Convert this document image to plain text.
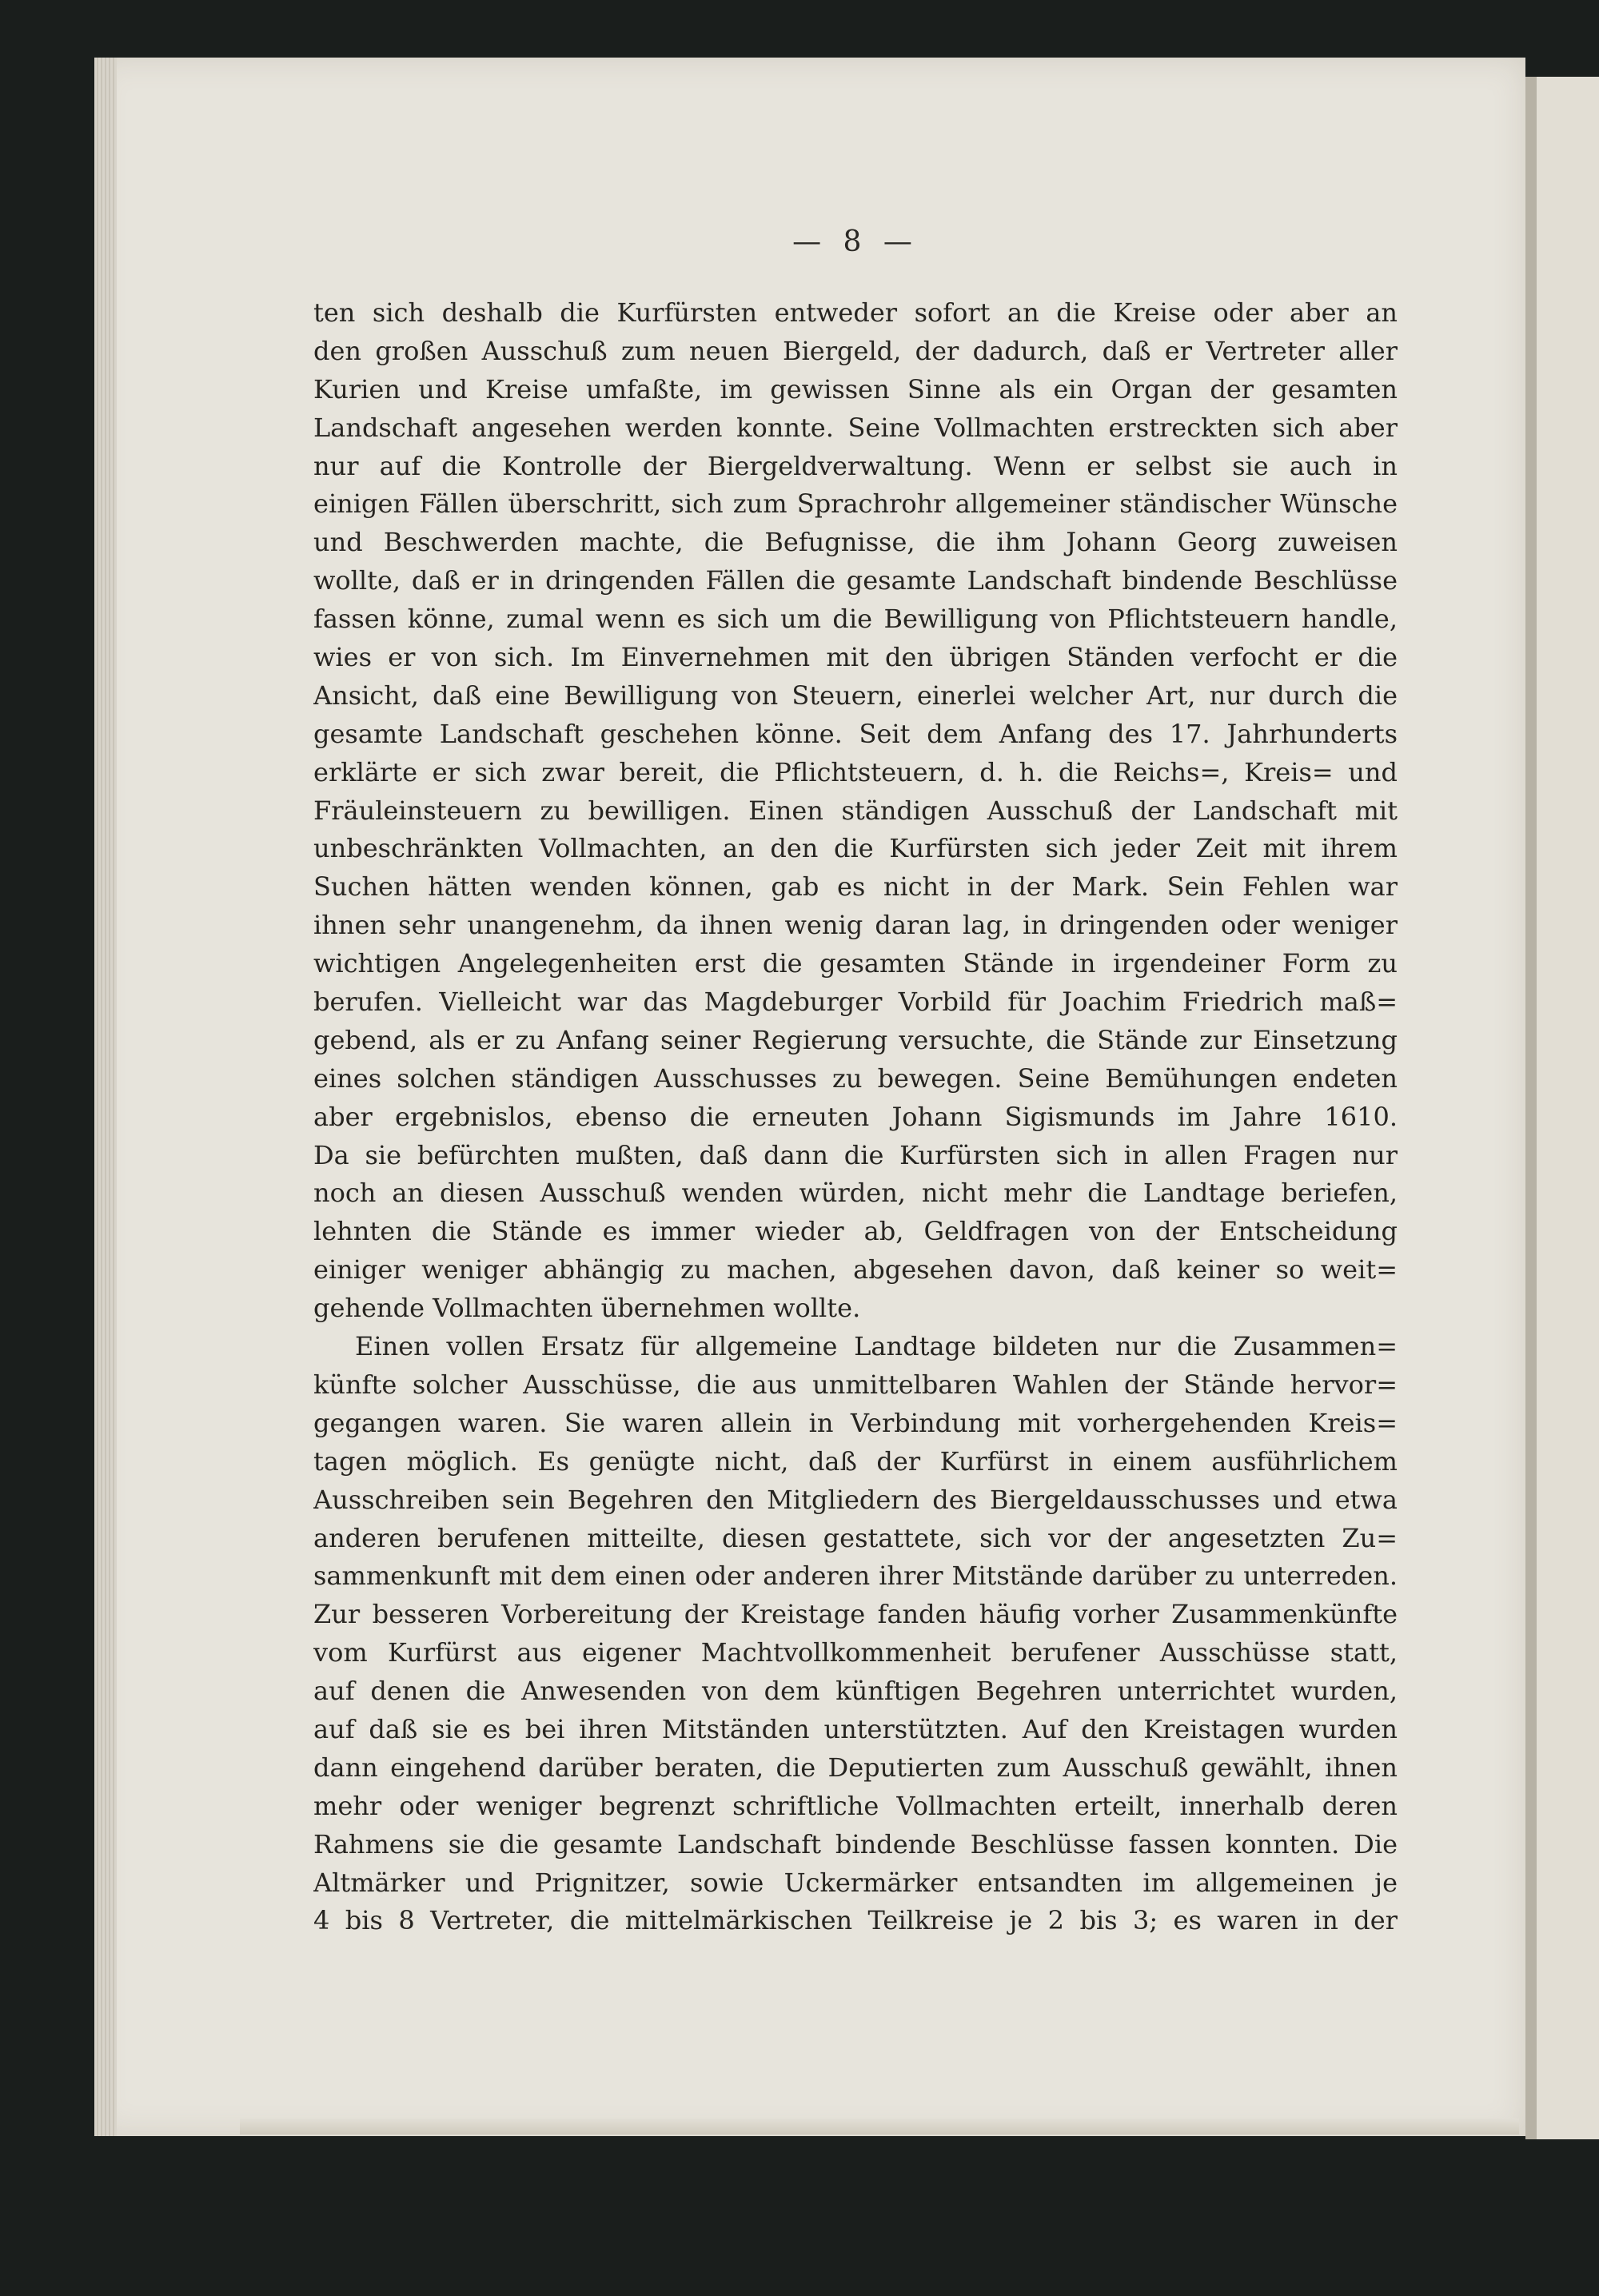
— 8 —
ten sich deshalb die Kurfürsten entweder sofort an die Kreise oder aber an
den großen Ausschuß zum neuen Biergeld, der dadurch, daß er Vertreter aller
Kurien und Kreise umfaßte, im gewissen Sinne als ein Organ der gesamten
Landschaft angesehen werden konnte. Seine Vollmachten erstreckten sich aber
nur auf die Kontrolle der Biergeldverwaltung. Wenn er selbst sie auch in
einigen Fällen überschritt, sich zum Sprachrohr allgemeiner ständischer Wünsche
und Beschwerden machte, die Befugnisse, die ihm Johann Georg zuweisen
wollte, daß er in dringenden Fällen die gesamte Landschaft bindende Beschlüsse
fassen könne, zumal wenn es sich um die Bewilligung von Pflichtsteuern handle,
wies er von sich. Im Einvernehmen mit den übrigen Ständen verfocht er die
Ansicht, daß eine Bewilligung von Steuern, einerlei welcher Art, nur durch die
gesamte Landschaft geschehen könne. Seit dem Anfang des 17. Jahrhunderts
erklärte er sich zwar bereit, die Pflichtsteuern, d. h. die Reichs=, Kreis= und
Fräuleinsteuern zu bewilligen. Einen ständigen Ausschuß der Landschaft mit
unbeschränkten Vollmachten, an den die Kurfürsten sich jeder Zeit mit ihrem
Suchen hätten wenden können, gab es nicht in der Mark. Sein Fehlen war
ihnen sehr unangenehm, da ihnen wenig daran lag, in dringenden oder weniger
wichtigen Angelegenheiten erst die gesamten Stände in irgendeiner Form zu
berufen. Vielleicht war das Magdeburger Vorbild für Joachim Friedrich maß=
gebend, als er zu Anfang seiner Regierung versuchte, die Stände zur Einsetzung
eines solchen ständigen Ausschusses zu bewegen. Seine Bemühungen endeten
aber ergebnislos, ebenso die erneuten Johann Sigismunds im Jahre 1610.
Da sie befürchten mußten, daß dann die Kurfürsten sich in allen Fragen nur
noch an diesen Ausschuß wenden würden, nicht mehr die Landtage beriefen,
lehnten die Stände es immer wieder ab, Geldfragen von der Entscheidung
einiger weniger abhängig zu machen, abgesehen davon, daß keiner so weit=
gehende Vollmachten übernehmen wollte.
Einen vollen Ersatz für allgemeine Landtage bildeten nur die Zusammen=
künfte solcher Ausschüsse, die aus unmittelbaren Wahlen der Stände hervor=
gegangen waren. Sie waren allein in Verbindung mit vorhergehenden Kreis=
tagen möglich. Es genügte nicht, daß der Kurfürst in einem ausführlichem
Ausschreiben sein Begehren den Mitgliedern des Biergeldausschusses und etwa
anderen berufenen mitteilte, diesen gestattete, sich vor der angesetzten Zu=
sammenkunft mit dem einen oder anderen ihrer Mitstände darüber zu unterreden.
Zur besseren Vorbereitung der Kreistage fanden häufig vorher Zusammenkünfte
vom Kurfürst aus eigener Machtvollkommenheit berufener Ausschüsse statt,
auf denen die Anwesenden von dem künftigen Begehren unterrichtet wurden,
auf daß sie es bei ihren Mitständen unterstützten. Auf den Kreistagen wurden
dann eingehend darüber beraten, die Deputierten zum Ausschuß gewählt, ihnen
mehr oder weniger begrenzt schriftliche Vollmachten erteilt, innerhalb deren
Rahmens sie die gesamte Landschaft bindende Beschlüsse fassen konnten. Die
Altmärker und Prignitzer, sowie Uckermärker entsandten im allgemeinen je
4 bis 8 Vertreter, die mittelmärkischen Teilkreise je 2 bis 3; es waren in der
